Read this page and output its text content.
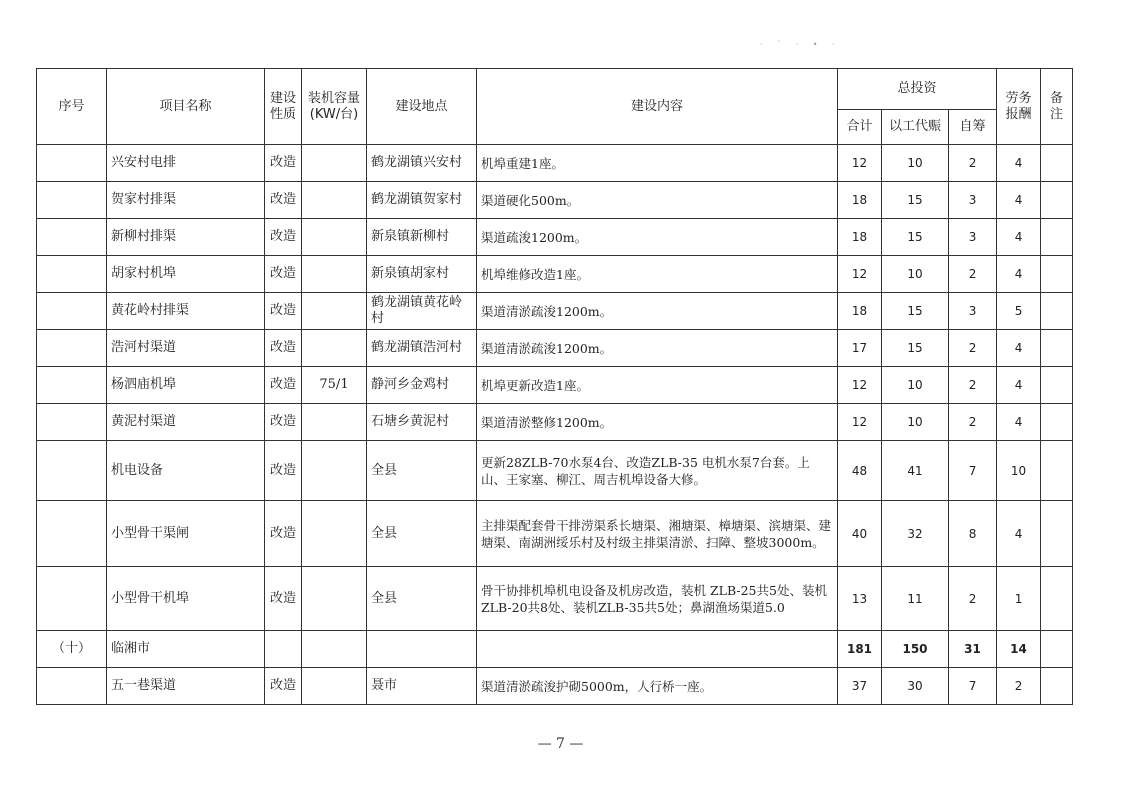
· ` · • ·
序号	项目名称	建设性质	装机容量(KW/台)	建设地点	建设内容	总投资			劳务报酬	备注
						合计	以工代赈	自筹		
	兴安村电排	改造		鹤龙湖镇兴安村	机埠重建1座。	12	10	2	4	
	贺家村排渠	改造		鹤龙湖镇贺家村	渠道硬化500m。	18	15	3	4	
	新柳村排渠	改造		新泉镇新柳村	渠道疏浚1200m。	18	15	3	4	
	胡家村机埠	改造		新泉镇胡家村	机埠维修改造1座。	12	10	2	4	
	黄花岭村排渠	改造		鹤龙湖镇黄花岭村	渠道清淤疏浚1200m。	18	15	3	5	
	浩河村渠道	改造		鹤龙湖镇浩河村	渠道清淤疏浚1200m。	17	15	2	4	
	杨泗庙机埠	改造	75/1	静河乡金鸡村	机埠更新改造1座。	12	10	2	4	
	黄泥村渠道	改造		石塘乡黄泥村	渠道清淤整修1200m。	12	10	2	4	
	机电设备	改造		全县	更新28ZLB-70水泵4台、改造ZLB-35 电机水泵7台套。上山、王家塞、柳江、周吉机埠设备大修。	48	41	7	10	
	小型骨干渠闸	改造		全县	主排渠配套骨干排涝渠系长塘渠、湘塘渠、樟塘渠、滨塘渠、建塘渠、南湖洲绥乐村及村级主排渠清淤、扫障、整坡3000m。	40	32	8	4	
	小型骨干机埠	改造		全县	骨干协排机埠机电设备及机房改造，装机 ZLB-25共5处、装机ZLB-20共8处、装机ZLB-35共5处；鼻湖渔场渠道5.0	13	11	2	1	
（十）	临湘市					181	150	31	14	
	五一巷渠道	改造		聂市	渠道清淤疏浚护砌5000m，人行桥一座。	37	30	7	2	
— 7 —
